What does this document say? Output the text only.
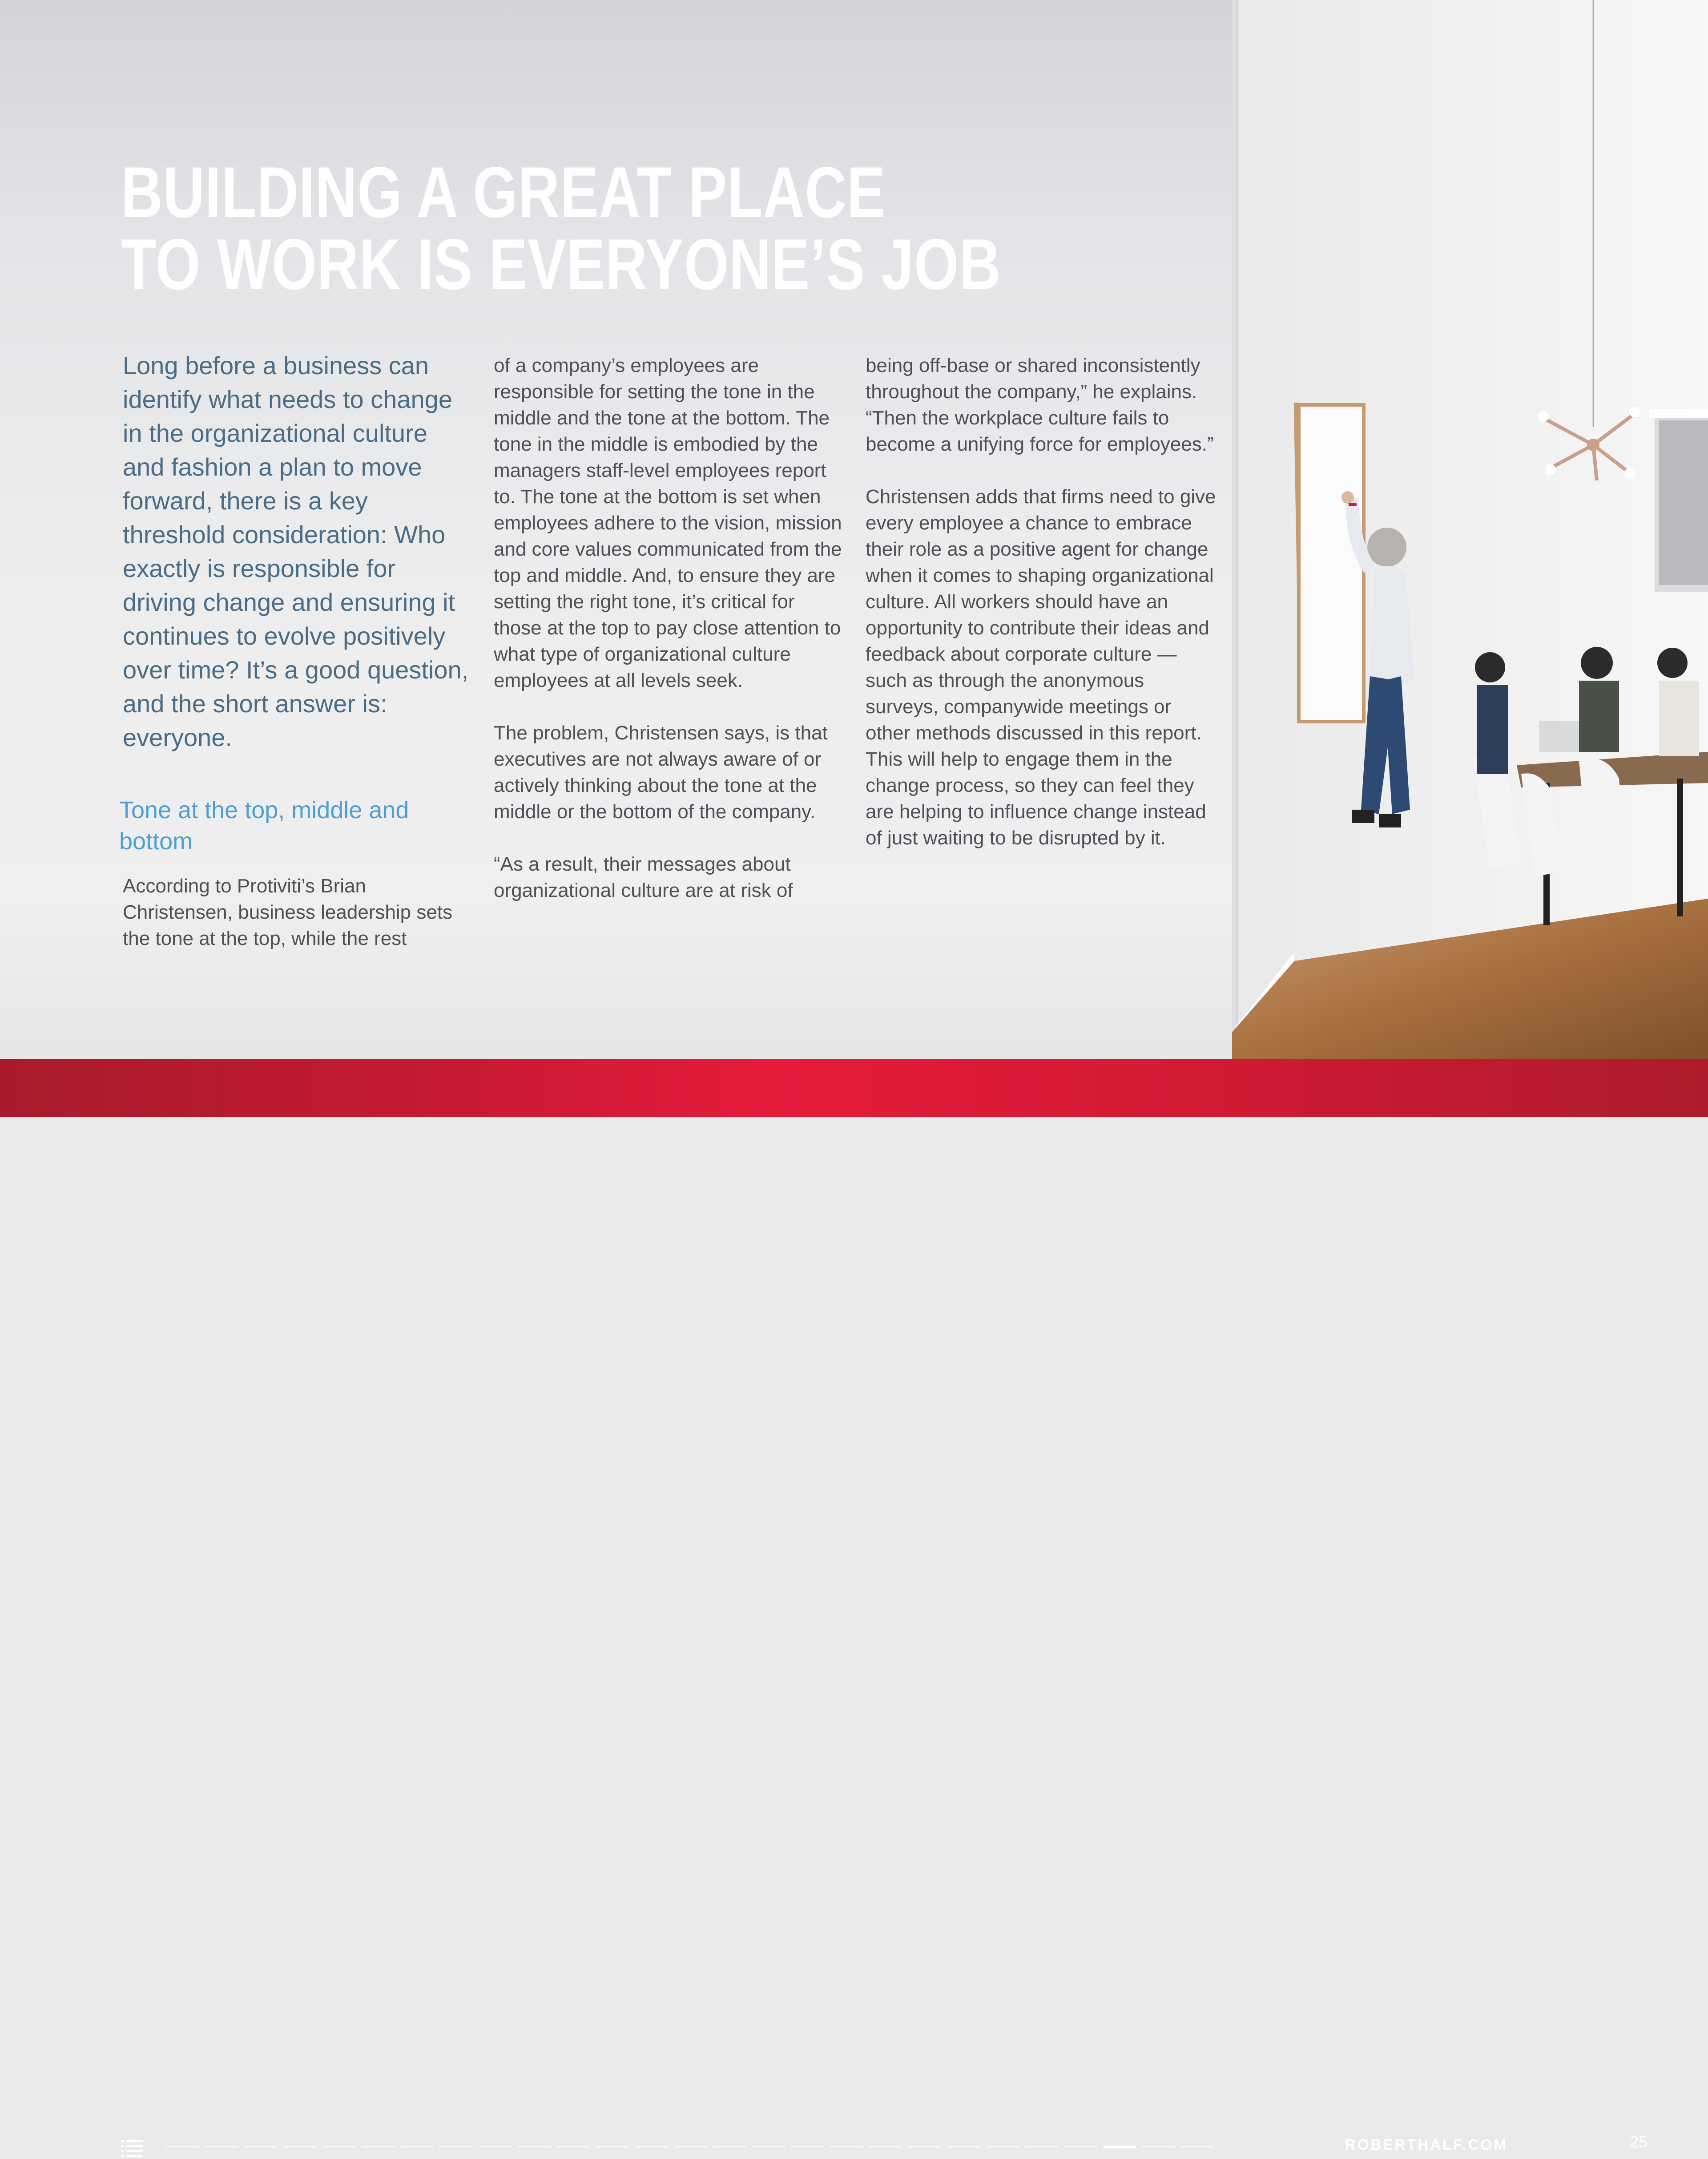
BUILDING A GREAT PLACE
TO WORK IS EVERYONE’S JOB

Long before a business can identify what needs to change in the organizational culture and fashion a plan to move forward, there is a key threshold consideration: Who exactly is responsible for driving change and ensuring it continues to evolve positively over time? It’s a good question, and the short answer is: everyone.

Tone at the top, middle and bottom

According to Protiviti’s Brian Christensen, business leadership sets the tone at the top, while the rest

of a company’s employees are responsible for setting the tone in the middle and the tone at the bottom. The tone in the middle is embodied by the managers staff-level employees report to. The tone at the bottom is set when employees adhere to the vision, mission and core values communicated from the top and middle. And, to ensure they are setting the right tone, it’s critical for those at the top to pay close attention to what type of organizational culture employees at all levels seek.

The problem, Christensen says, is that executives are not always aware of or actively thinking about the tone at the middle or the bottom of the company.

“As a result, their messages about organizational culture are at risk of

being off-base or shared inconsistently throughout the company,” he explains. “Then the workplace culture fails to become a unifying force for employees.”

Christensen adds that firms need to give every employee a chance to embrace their role as a positive agent for change when it comes to shaping organizational culture. All workers should have an opportunity to contribute their ideas and feedback about corporate culture — such as through the anonymous surveys, companywide meetings or other methods discussed in this report. This will help to engage them in the change process, so they can feel they are helping to influence change instead of just waiting to be disrupted by it.

ROBERTHALF.COM	25
